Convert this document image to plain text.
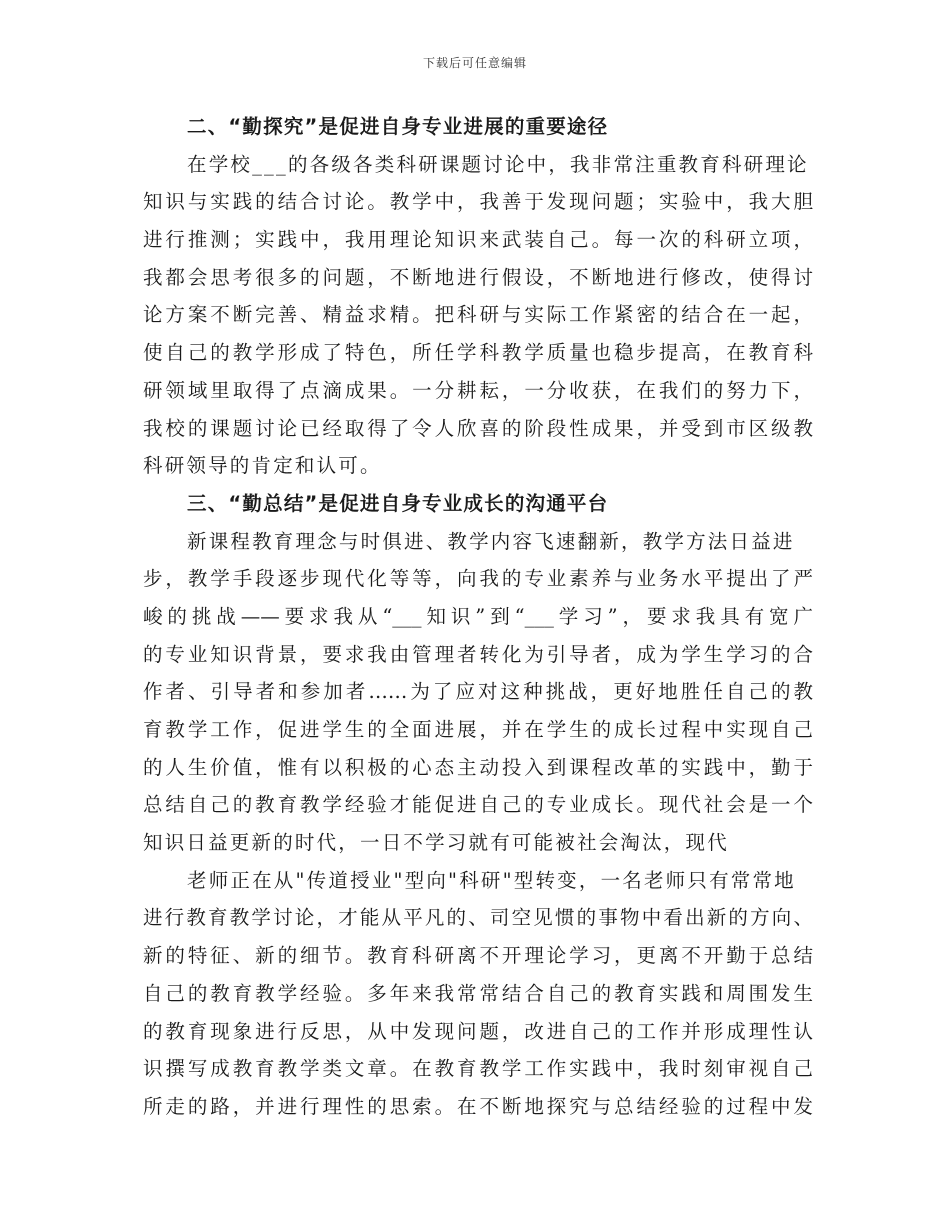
下载后可任意编辑
二、“勤探究”是促进自身专业进展的重要途径
在学校___的各级各类科研课题讨论中，我非常注重教育科研理论
知识与实践的结合讨论。教学中，我善于发现问题；实验中，我大胆
进行推测；实践中，我用理论知识来武装自己。每一次的科研立项，
我都会思考很多的问题，不断地进行假设，不断地进行修改，使得讨
论方案不断完善、精益求精。把科研与实际工作紧密的结合在一起，
使自己的教学形成了特色，所任学科教学质量也稳步提高，在教育科
研领域里取得了点滴成果。一分耕耘，一分收获，在我们的努力下，
我校的课题讨论已经取得了令人欣喜的阶段性成果，并受到市区级教
科研领导的肯定和认可。
三、“勤总结”是促进自身专业成长的沟通平台
新课程教育理念与时俱进、教学内容飞速翻新，教学方法日益进
步，教学手段逐步现代化等等，向我的专业素养与业务水平提出了严
峻的挑战——要求我从“___知识”到“___学习”，要求我具有宽广
的专业知识背景，要求我由管理者转化为引导者，成为学生学习的合
作者、引导者和参加者……为了应对这种挑战，更好地胜任自己的教
育教学工作，促进学生的全面进展，并在学生的成长过程中实现自己
的人生价值，惟有以积极的心态主动投入到课程改革的实践中，勤于
总结自己的教育教学经验才能促进自己的专业成长。现代社会是一个
知识日益更新的时代，一日不学习就有可能被社会淘汰，现代
老师正在从"传道授业"型向"科研"型转变，一名老师只有常常地
进行教育教学讨论，才能从平凡的、司空见惯的事物中看出新的方向、
新的特征、新的细节。教育科研离不开理论学习，更离不开勤于总结
自己的教育教学经验。多年来我常常结合自己的教育实践和周围发生
的教育现象进行反思，从中发现问题，改进自己的工作并形成理性认
识撰写成教育教学类文章。在教育教学工作实践中，我时刻审视自己
所走的路，并进行理性的思索。在不断地探究与总结经验的过程中发
